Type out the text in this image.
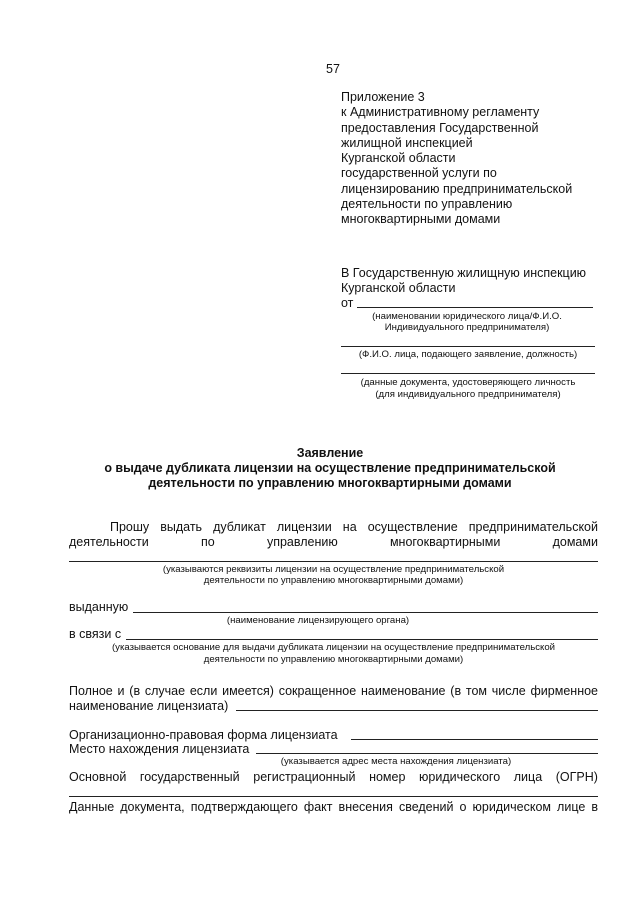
57
Приложение 3
к Административному регламенту
предоставления Государственной
жилищной инспекцией
Курганской области
государственной услуги по
лицензированию предпринимательской
деятельности по управлению
многоквартирными домами
В Государственную жилищную инспекцию
Курганской области
от
(наименовании юридического лица/Ф.И.О.
Индивидуального предпринимателя)
(Ф.И.О. лица, подающего заявление, должность)
(данные документа, удостоверяющего личность
(для индивидуального предпринимателя)
Заявление
о выдаче дубликата лицензии на осуществление предпринимательской
деятельности по управлению многоквартирными домами
Прошу выдать дубликат лицензии на осуществление предпринимательской
деятельности	по	управлению	многоквартирными	домами
(указываются реквизиты лицензии на осуществление предпринимательской
деятельности по управлению многоквартирными домами)
выданную
(наименование лицензирующего органа)
в связи с
(указывается основание для выдачи дубликата лицензии на осуществление предпринимательской
деятельности по управлению многоквартирными домами)
Полное и (в случае если имеется) сокращенное наименование (в том числе фирменное
наименование лицензиата)
Организационно-правовая форма лицензиата
Место нахождения лицензиата
(указывается адрес места нахождения лицензиата)
Основной государственный регистрационный номер юридического лица (ОГРН)
Данные документа, подтверждающего факт внесения сведений о юридическом лице в
